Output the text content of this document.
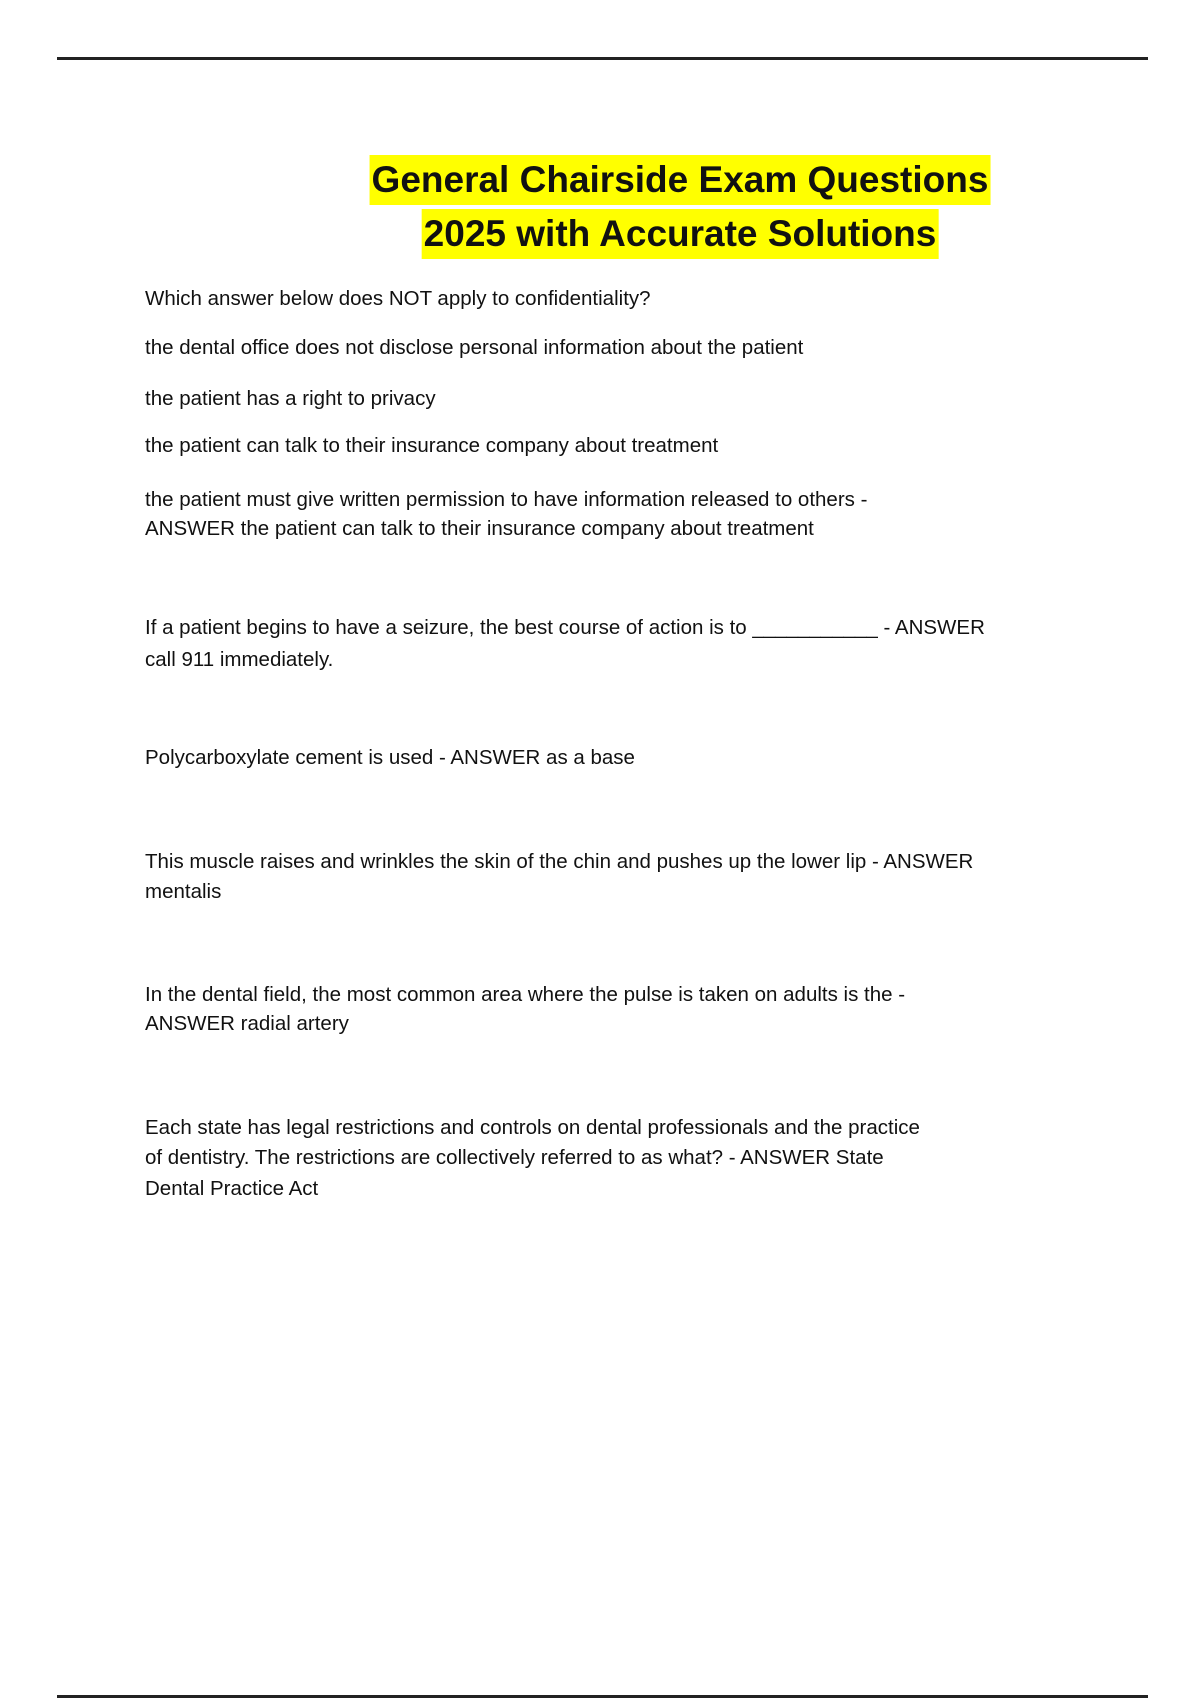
General Chairside Exam Questions
2025 with Accurate Solutions
Which answer below does NOT apply to confidentiality?
the dental office does not disclose personal information about the patient
the patient has a right to privacy
the patient can talk to their insurance company about treatment
the patient must give written permission to have information released to others -
ANSWER the patient can talk to their insurance company about treatment
If a patient begins to have a seizure, the best course of action is to ___________ - ANSWER
call 911 immediately.
Polycarboxylate cement is used - ANSWER as a base
This muscle raises and wrinkles the skin of the chin and pushes up the lower lip - ANSWER
mentalis
In the dental field, the most common area where the pulse is taken on adults is the -
ANSWER radial artery
Each state has legal restrictions and controls on dental professionals and the practice
of dentistry. The restrictions are collectively referred to as what? - ANSWER State
Dental Practice Act
